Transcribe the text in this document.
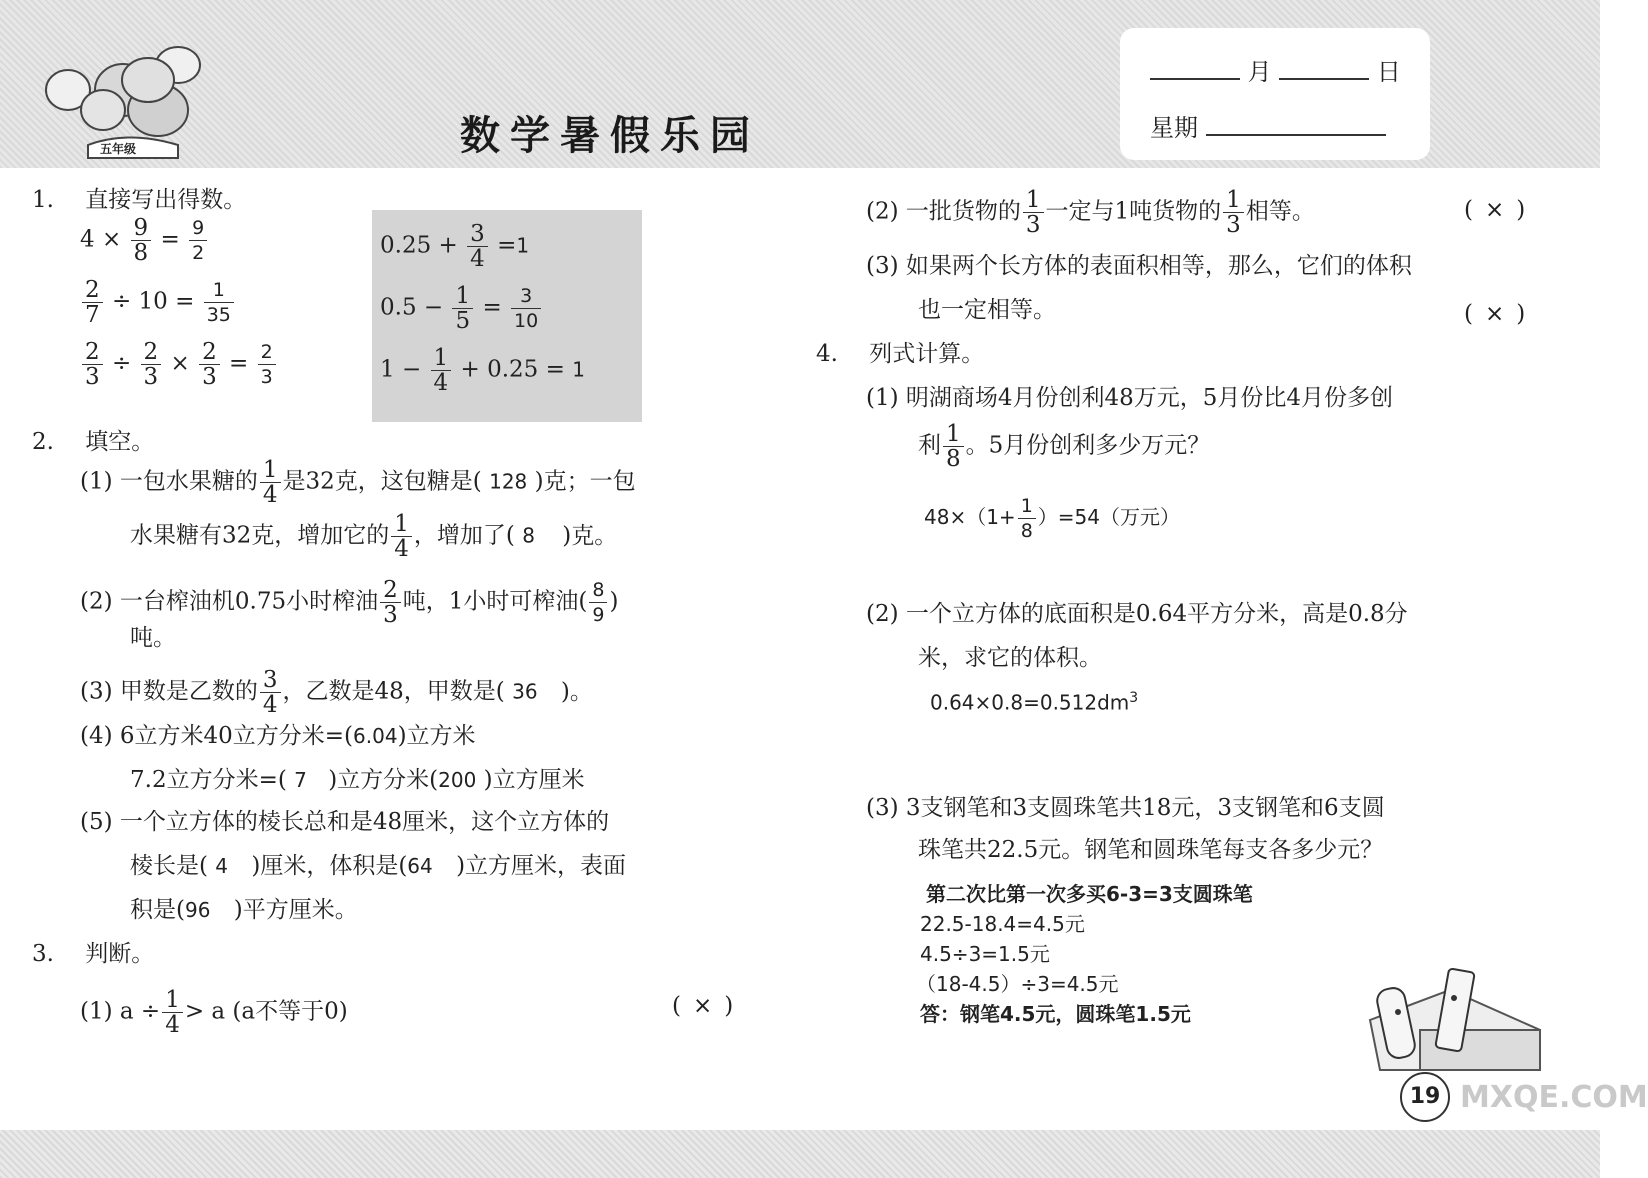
五年级	数学暑假乐园
月	日
星期
1. 直接写出得数。
$4 \times \frac{9}{8} = \frac{9}{2}$
$\frac{2}{7} \div 10 = \frac{1}{35}$
$\frac{2}{3} \div \frac{2}{3} \times \frac{2}{3} = \frac{2}{3}$
$0.25 + \frac{3}{4} =1$
$0.5 - \frac{1}{5} = \frac{3}{10}$
$1 - \frac{1}{4} + 0.25 = 1$
2. 填空。
(1) 一包水果糖的 $\frac{1}{4}$ 是32克，这包糖是( 128 )克；一包
水果糖有32克，增加它的 $\frac{1}{4}$ ，增加了( 8 )克。
(2) 一台榨油机0.75小时榨油 $\frac{2}{3}$ 吨，1小时可榨油( $\frac{8}{9}$ )
吨。
(3) 甲数是乙数的 $\frac{3}{4}$ ，乙数是48，甲数是( 36 )。
(4) 6立方米40立方分米=(6.04)立方米
7.2立方分米=( 7 )立方分米(200 )立方厘米
(5) 一个立方体的棱长总和是48厘米，这个立方体的
棱长是( 4 )厘米，体积是(64 )立方厘米，表面
积是(96 )平方厘米。
3. 判断。
(1) $a \div \frac{1}{4} > a$ (a不等于0)	( × )
(2) 一批货物的 $\frac{1}{3}$ 一定与1吨货物的 $\frac{1}{3}$ 相等。	( × )
(3) 如果两个长方体的表面积相等，那么，它们的体积
也一定相等。	( × )
4. 列式计算。
(1) 明湖商场4月份创利48万元，5月份比4月份多创
利 $\frac{1}{8}$ 。5月份创利多少万元？
$48\times(1+ \frac{1}{8} )=54$（万元）
(2) 一个立方体的底面积是0.64平方分米，高是0.8分
米，求它的体积。
$0.64\times 0.8=0.512dm^3$
(3) 3支钢笔和3支圆珠笔共18元，3支钢笔和6支圆
珠笔共22.5元。钢笔和圆珠笔每支各多少元？
第二次比第一次多买6-3=3支圆珠笔
22.5-18.4=4.5元
4.5÷3=1.5元
（18-4.5）÷3=4.5元
答：钢笔4.5元，圆珠笔1.5元
19 MXQE.COM
